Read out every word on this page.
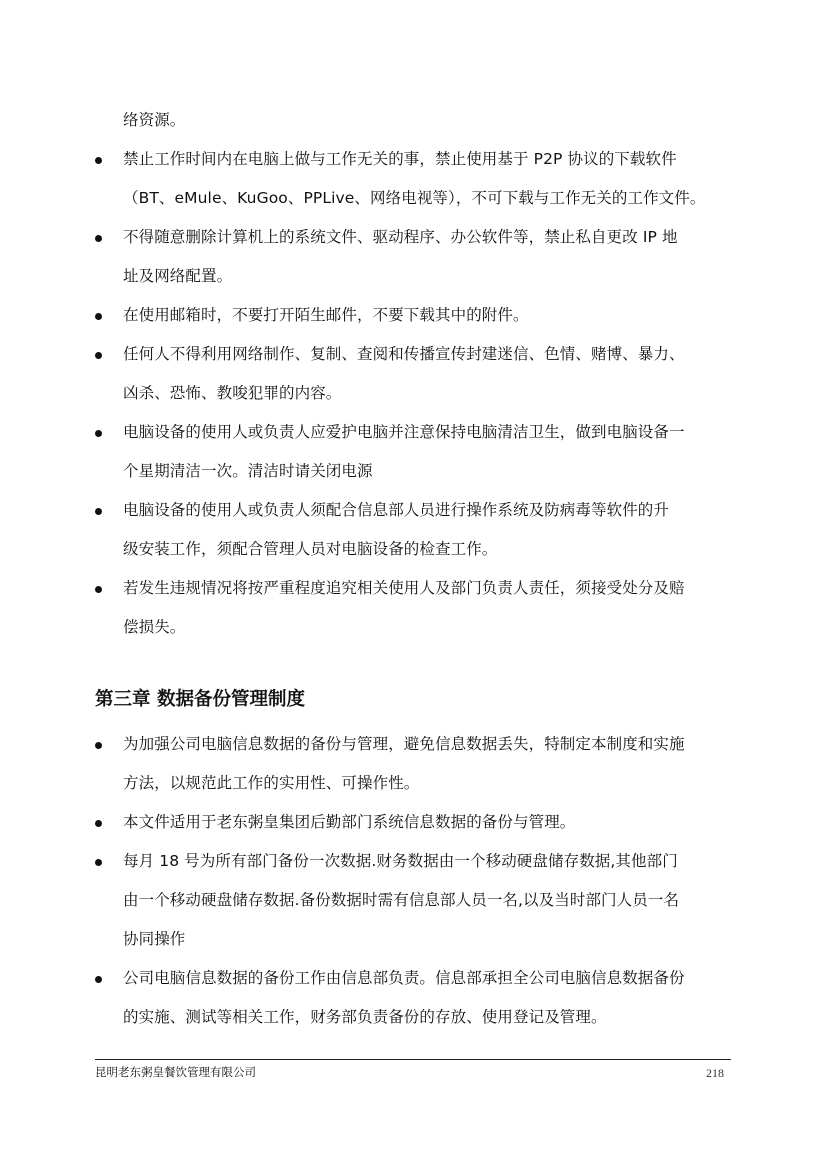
络资源。
禁止工作时间内在电脑上做与工作无关的事，禁止使用基于 P2P 协议的下载软件
（BT、eMule、KuGoo、PPLive、网络电视等），不可下载与工作无关的工作文件。
不得随意删除计算机上的系统文件、驱动程序、办公软件等，禁止私自更改 IP 地
址及网络配置。
在使用邮箱时，不要打开陌生邮件，不要下载其中的附件。
任何人不得利用网络制作、复制、查阅和传播宣传封建迷信、色情、赌博、暴力、
凶杀、恐怖、教唆犯罪的内容。
电脑设备的使用人或负责人应爱护电脑并注意保持电脑清洁卫生，做到电脑设备一
个星期清洁一次。清洁时请关闭电源
电脑设备的使用人或负责人须配合信息部人员进行操作系统及防病毒等软件的升
级安装工作，须配合管理人员对电脑设备的检查工作。
若发生违规情况将按严重程度追究相关使用人及部门负责人责任，须接受处分及赔
偿损失。
第三章 数据备份管理制度
为加强公司电脑信息数据的备份与管理，避免信息数据丢失，特制定本制度和实施
方法，以规范此工作的实用性、可操作性。
本文件适用于老东粥皇集团后勤部门系统信息数据的备份与管理。
每月 18 号为所有部门备份一次数据.财务数据由一个移动硬盘储存数据,其他部门
由一个移动硬盘储存数据.备份数据时需有信息部人员一名,以及当时部门人员一名
协同操作
公司电脑信息数据的备份工作由信息部负责。信息部承担全公司电脑信息数据备份
的实施、测试等相关工作，财务部负责备份的存放、使用登记及管理。
昆明老东粥皇餐饮管理有限公司	218
